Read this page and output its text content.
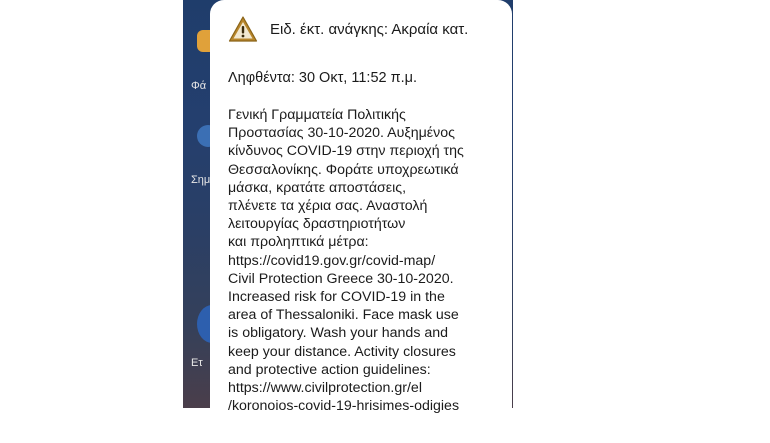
Φά
Σημ
Ετ
Ειδ. έκτ. ανάγκης: Ακραία κατ.
Ληφθέντα: 30 Οκτ, 11:52 π.μ.
Γενική Γραμματεία Πολιτικής
Προστασίας 30-10-2020. Αυξημένος
κίνδυνος COVID-19 στην περιοχή της
Θεσσαλονίκης. Φοράτε υποχρεωτικά
μάσκα, κρατάτε αποστάσεις,
πλένετε τα χέρια σας. Αναστολή
λειτουργίας δραστηριοτήτων
και προληπτικά μέτρα:
https://covid19.gov.gr/covid-map/
Civil Protection Greece 30-10-2020.
Increased risk for COVID-19 in the
area of Thessaloniki. Face mask use
is obligatory. Wash your hands and
keep your distance. Activity closures
and protective action guidelines:
https://www.civilprotection.gr/el
/koronoios-covid-19-hrisimes-odigies
